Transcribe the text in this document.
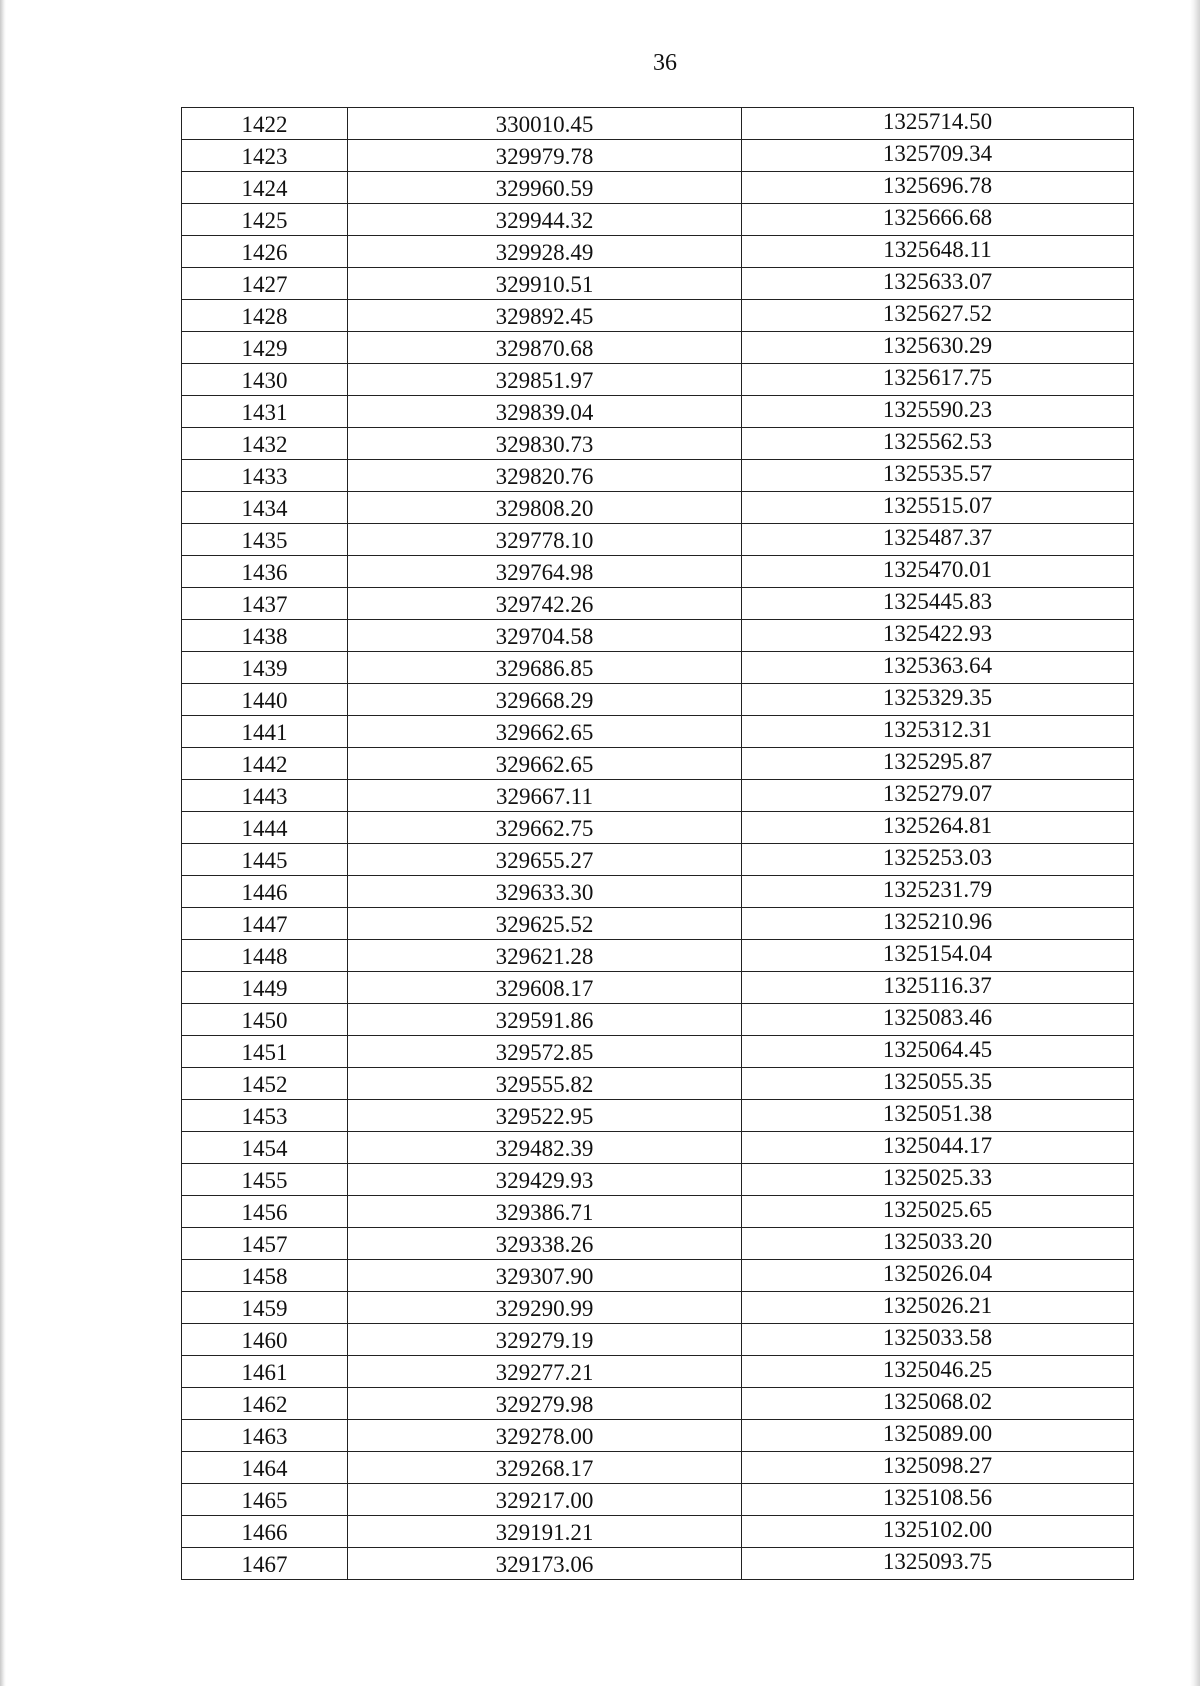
36
1422	330010.45	1325714.50
1423	329979.78	1325709.34
1424	329960.59	1325696.78
1425	329944.32	1325666.68
1426	329928.49	1325648.11
1427	329910.51	1325633.07
1428	329892.45	1325627.52
1429	329870.68	1325630.29
1430	329851.97	1325617.75
1431	329839.04	1325590.23
1432	329830.73	1325562.53
1433	329820.76	1325535.57
1434	329808.20	1325515.07
1435	329778.10	1325487.37
1436	329764.98	1325470.01
1437	329742.26	1325445.83
1438	329704.58	1325422.93
1439	329686.85	1325363.64
1440	329668.29	1325329.35
1441	329662.65	1325312.31
1442	329662.65	1325295.87
1443	329667.11	1325279.07
1444	329662.75	1325264.81
1445	329655.27	1325253.03
1446	329633.30	1325231.79
1447	329625.52	1325210.96
1448	329621.28	1325154.04
1449	329608.17	1325116.37
1450	329591.86	1325083.46
1451	329572.85	1325064.45
1452	329555.82	1325055.35
1453	329522.95	1325051.38
1454	329482.39	1325044.17
1455	329429.93	1325025.33
1456	329386.71	1325025.65
1457	329338.26	1325033.20
1458	329307.90	1325026.04
1459	329290.99	1325026.21
1460	329279.19	1325033.58
1461	329277.21	1325046.25
1462	329279.98	1325068.02
1463	329278.00	1325089.00
1464	329268.17	1325098.27
1465	329217.00	1325108.56
1466	329191.21	1325102.00
1467	329173.06	1325093.75
